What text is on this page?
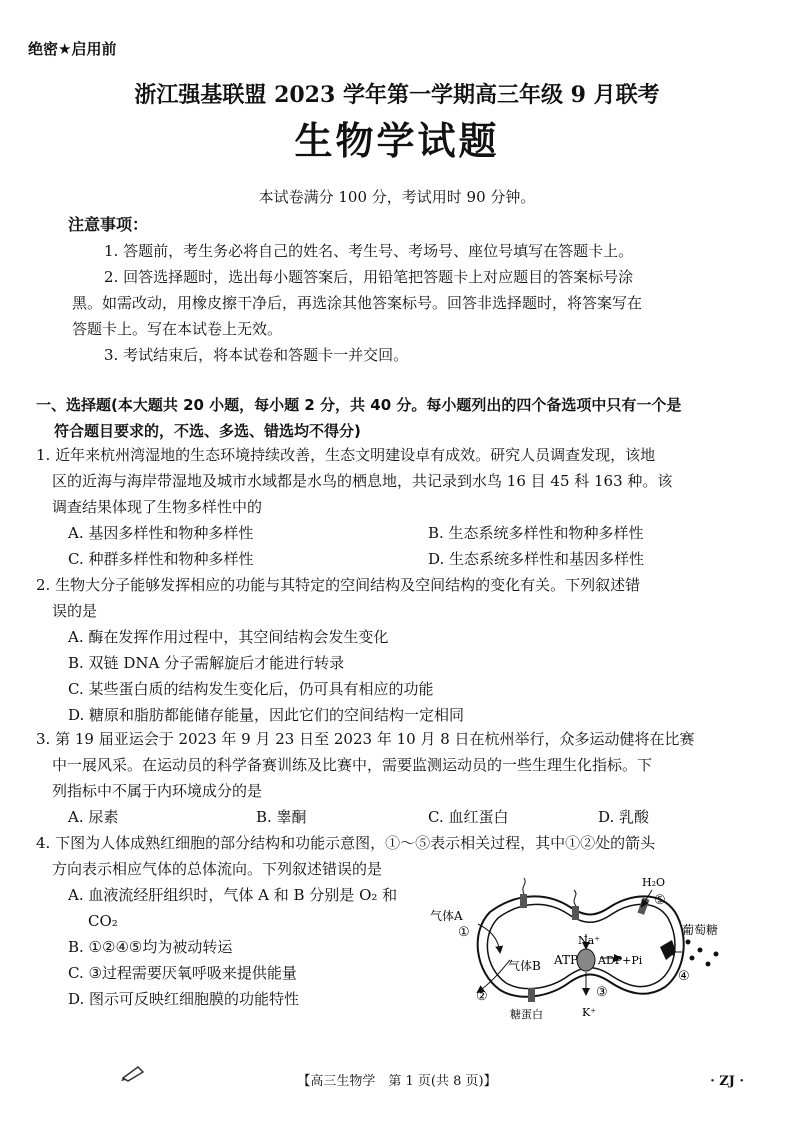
绝密★启用前
浙江强基联盟 2023 学年第一学期高三年级 9 月联考
生物学试题
本试卷满分 100 分，考试用时 90 分钟。
注意事项：
1. 答题前，考生务必将自己的姓名、考生号、考场号、座位号填写在答题卡上。
2. 回答选择题时，选出每小题答案后，用铅笔把答题卡上对应题目的答案标号涂
黑。如需改动，用橡皮擦干净后，再选涂其他答案标号。回答非选择题时，将答案写在
答题卡上。写在本试卷上无效。
3. 考试结束后，将本试卷和答题卡一并交回。
一、选择题(本大题共 20 小题，每小题 2 分，共 40 分。每小题列出的四个备选项中只有一个是
符合题目要求的，不选、多选、错选均不得分)
1. 近年来杭州湾湿地的生态环境持续改善，生态文明建设卓有成效。研究人员调查发现，该地
区的近海与海岸带湿地及城市水域都是水鸟的栖息地，共记录到水鸟 16 目 45 科 163 种。该
调查结果体现了生物多样性中的
A. 基因多样性和物种多样性	B. 生态系统多样性和物种多样性
C. 种群多样性和物种多样性	D. 生态系统多样性和基因多样性
2. 生物大分子能够发挥相应的功能与其特定的空间结构及空间结构的变化有关。下列叙述错
误的是
A. 酶在发挥作用过程中，其空间结构会发生变化
B. 双链 DNA 分子需解旋后才能进行转录
C. 某些蛋白质的结构发生变化后，仍可具有相应的功能
D. 糖原和脂肪都能储存能量，因此它们的空间结构一定相同
3. 第 19 届亚运会于 2023 年 9 月 23 日至 2023 年 10 月 8 日在杭州举行，众多运动健将在比赛
中一展风采。在运动员的科学备赛训练及比赛中，需要监测运动员的一些生理生化指标。下
列指标中不属于内环境成分的是
A. 尿素	B. 睾酮	C. 血红蛋白	D. 乳酸
4. 下图为人体成熟红细胞的部分结构和功能示意图，①～⑤表示相关过程，其中①②处的箭头
方向表示相应气体的总体流向。下列叙述错误的是
A. 血液流经肝组织时，气体 A 和 B 分别是 O₂ 和
CO₂
B. ①②④⑤均为被动转运
C. ③过程需要厌氧呼吸来提供能量
D. 图示可反映红细胞膜的功能特性
气体A
①
气体B
②
Na⁺
ATP ADP+Pi
③
K⁺
糖蛋白
H₂O
⑤
葡萄糖
④
【高三生物学　第 1 页(共 8 页)】	· ZJ ·
